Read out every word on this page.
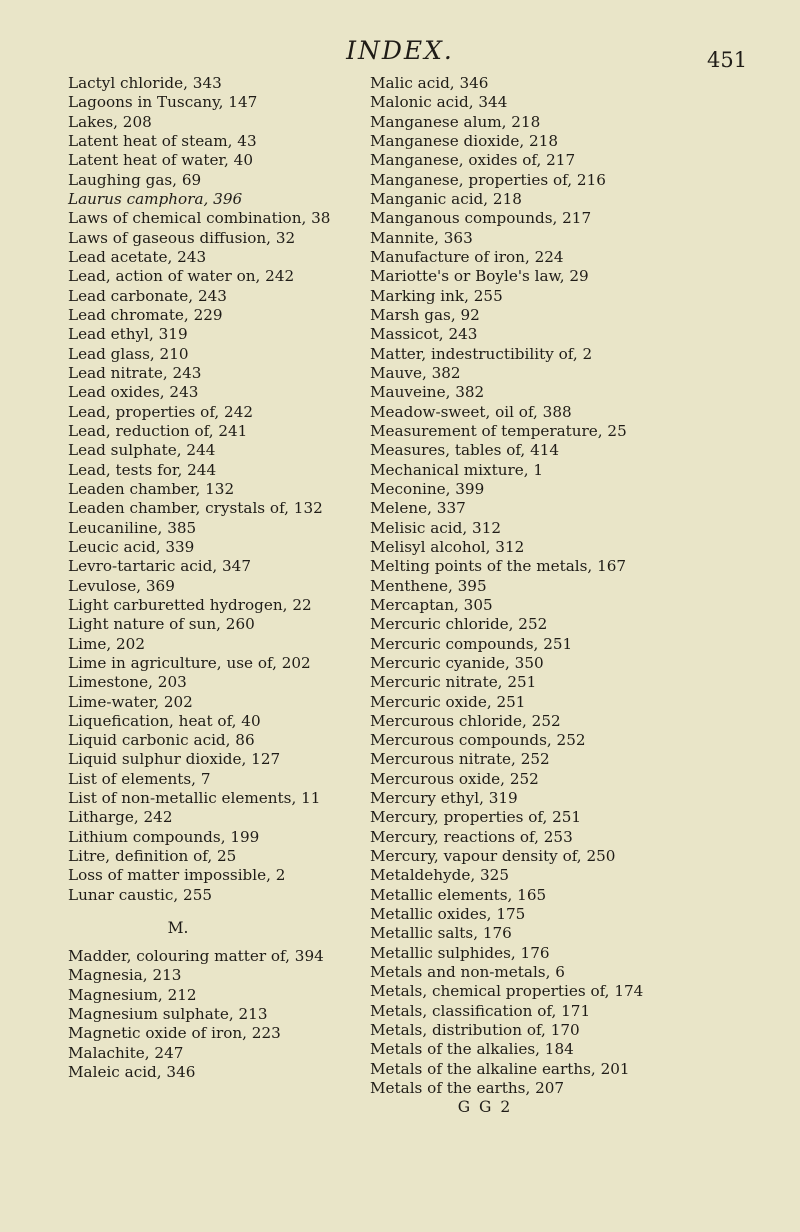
INDEX.	451
Lactyl chloride, 343
Lagoons in Tuscany, 147
Lakes, 208
Latent heat of steam, 43
Latent heat of water, 40
Laughing gas, 69
Laurus camphora, 396
Laws of chemical combination, 38
Laws of gaseous diffusion, 32
Lead acetate, 243
Lead, action of water on, 242
Lead carbonate, 243
Lead chromate, 229
Lead ethyl, 319
Lead glass, 210
Lead nitrate, 243
Lead oxides, 243
Lead, properties of, 242
Lead, reduction of, 241
Lead sulphate, 244
Lead, tests for, 244
Leaden chamber, 132
Leaden chamber, crystals of, 132
Leucaniline, 385
Leucic acid, 339
Levro-tartaric acid, 347
Levulose, 369
Light carburetted hydrogen, 22
Light nature of sun, 260
Lime, 202
Lime in agriculture, use of, 202
Limestone, 203
Lime-water, 202
Liquefication, heat of, 40
Liquid carbonic acid, 86
Liquid sulphur dioxide, 127
List of elements, 7
List of non-metallic elements, 11
Litharge, 242
Lithium compounds, 199
Litre, definition of, 25
Loss of matter impossible, 2
Lunar caustic, 255
M.
Madder, colouring matter of, 394
Magnesia, 213
Magnesium, 212
Magnesium sulphate, 213
Magnetic oxide of iron, 223
Malachite, 247
Maleic acid, 346
Malic acid, 346
Malonic acid, 344
Manganese alum, 218
Manganese dioxide, 218
Manganese, oxides of, 217
Manganese, properties of, 216
Manganic acid, 218
Manganous compounds, 217
Mannite, 363
Manufacture of iron, 224
Mariotte's or Boyle's law, 29
Marking ink, 255
Marsh gas, 92
Massicot, 243
Matter, indestructibility of, 2
Mauve, 382
Mauveine, 382
Meadow-sweet, oil of, 388
Measurement of temperature, 25
Measures, tables of, 414
Mechanical mixture, 1
Meconine, 399
Melene, 337
Melisic acid, 312
Melisyl alcohol, 312
Melting points of the metals, 167
Menthene, 395
Mercaptan, 305
Mercuric chloride, 252
Mercuric compounds, 251
Mercuric cyanide, 350
Mercuric nitrate, 251
Mercuric oxide, 251
Mercurous chloride, 252
Mercurous compounds, 252
Mercurous nitrate, 252
Mercurous oxide, 252
Mercury ethyl, 319
Mercury, properties of, 251
Mercury, reactions of, 253
Mercury, vapour density of, 250
Metaldehyde, 325
Metallic elements, 165
Metallic oxides, 175
Metallic salts, 176
Metallic sulphides, 176
Metals and non-metals, 6
Metals, chemical properties of, 174
Metals, classification of, 171
Metals, distribution of, 170
Metals of the alkalies, 184
Metals of the alkaline earths, 201
Metals of the earths, 207
G G 2
